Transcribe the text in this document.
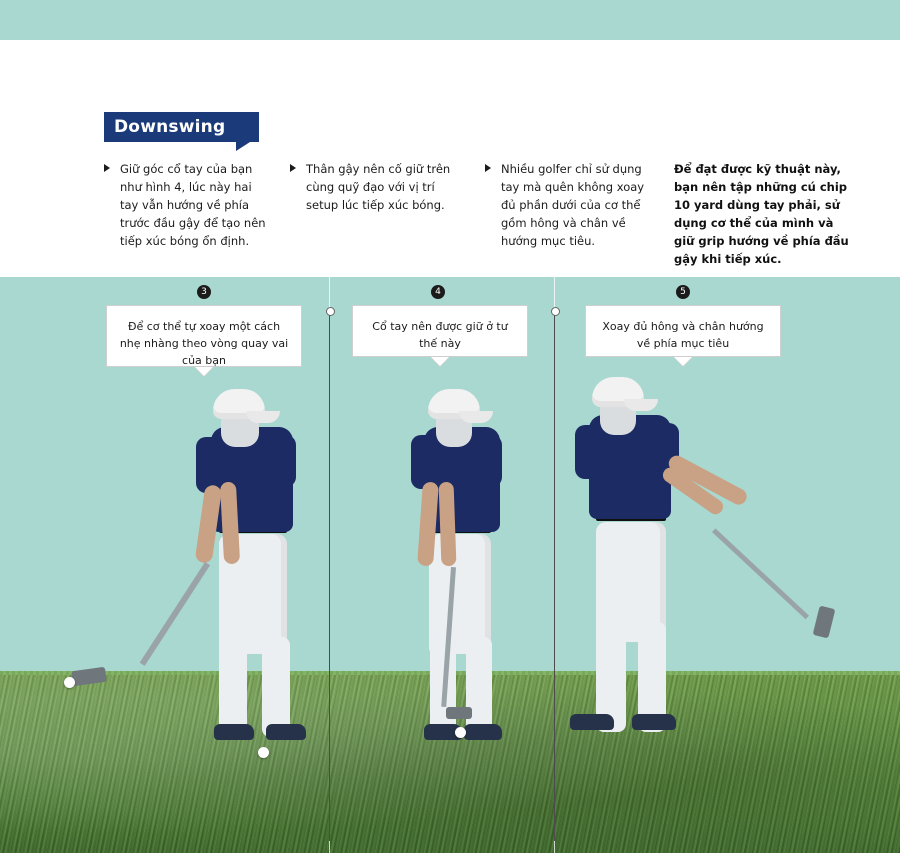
Downswing
Giữ góc cổ tay của bạn như hình 4, lúc này hai tay vẫn hướng về phía trước đầu gậy để tạo nên tiếp xúc bóng ổn định.
Thân gậy nên cố giữ trên cùng quỹ đạo với vị trí setup lúc tiếp xúc bóng.
Nhiều golfer chỉ sử dụng tay mà quên không xoay đủ phần dưới của cơ thể gồm hông và chân về hướng mục tiêu.
Để đạt được kỹ thuật này, bạn nên tập những cú chip 10 yard dùng tay phải, sử dụng cơ thể của mình và giữ grip hướng về phía đầu gậy khi tiếp xúc.
3
Để cơ thể tự xoay một cách nhẹ nhàng theo vòng quay vai của bạn
4
Cổ tay nên được giữ ở tư thế này
5
Xoay đủ hông và chân hướng về phía mục tiêu
